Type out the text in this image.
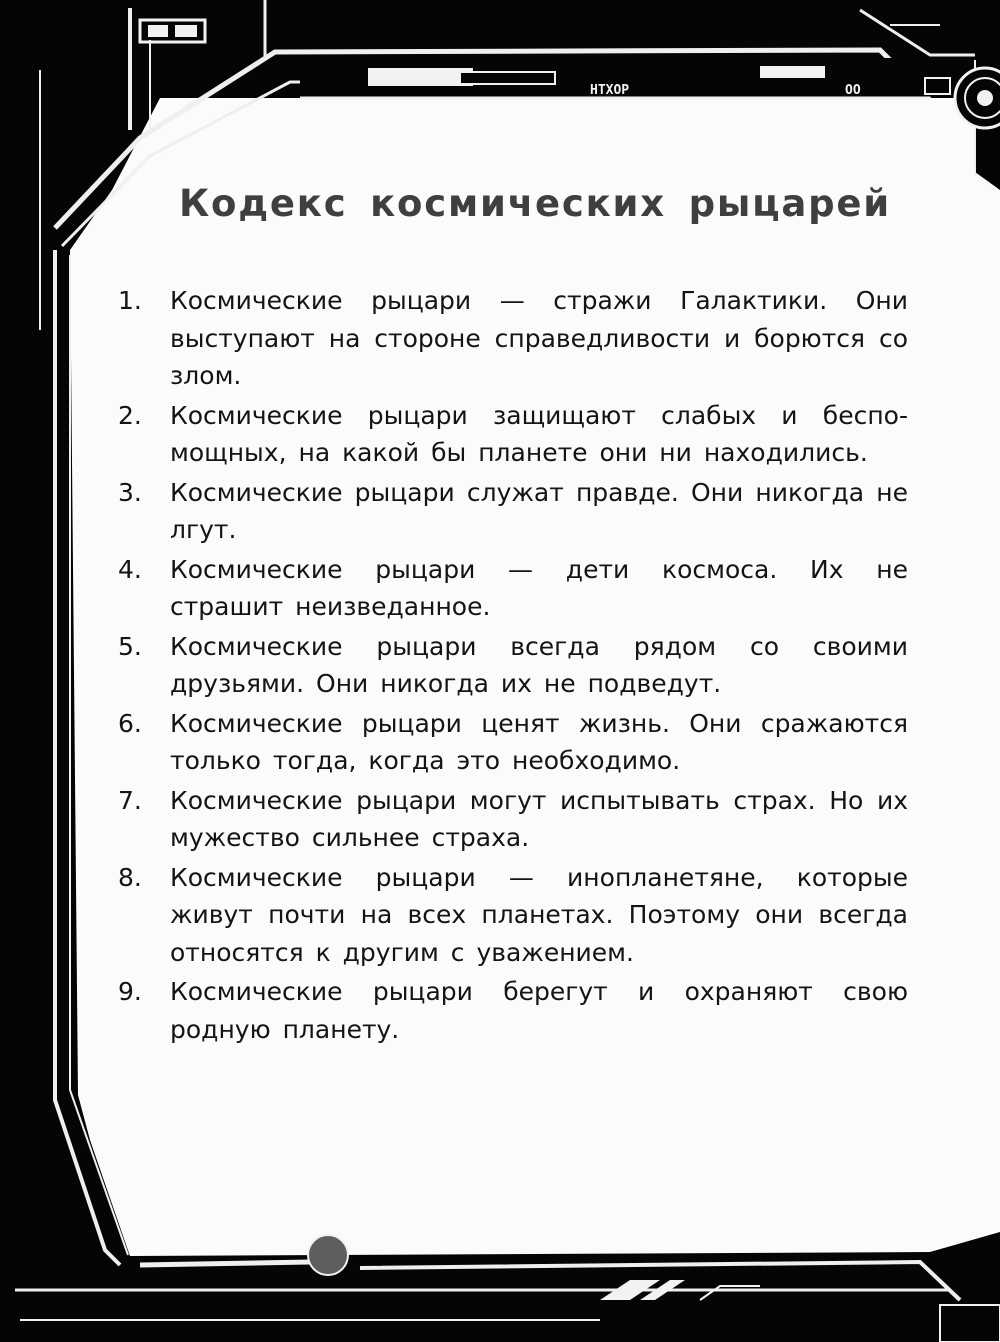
HTXOP	OO
Кодекс космических рыцарей
1. Космические рыцари — стражи Галактики. Они выступают на стороне справедливости и борются со злом.
2. Космические рыцари защищают слабых и беспомощных, на какой бы планете они ни находились.
3. Космические рыцари служат правде. Они никогда не лгут.
4. Космические рыцари — дети космоса. Их не страшит неизведанное.
5. Космические рыцари всегда рядом со своими друзьями. Они никогда их не подведут.
6. Космические рыцари ценят жизнь. Они сражаются только тогда, когда это необходимо.
7. Космические рыцари могут испытывать страх. Но их мужество сильнее страха.
8. Космические рыцари — инопланетяне, которые живут почти на всех планетах. Поэтому они всегда относятся к другим с уважением.
9. Космические рыцари берегут и охраняют свою родную планету.
